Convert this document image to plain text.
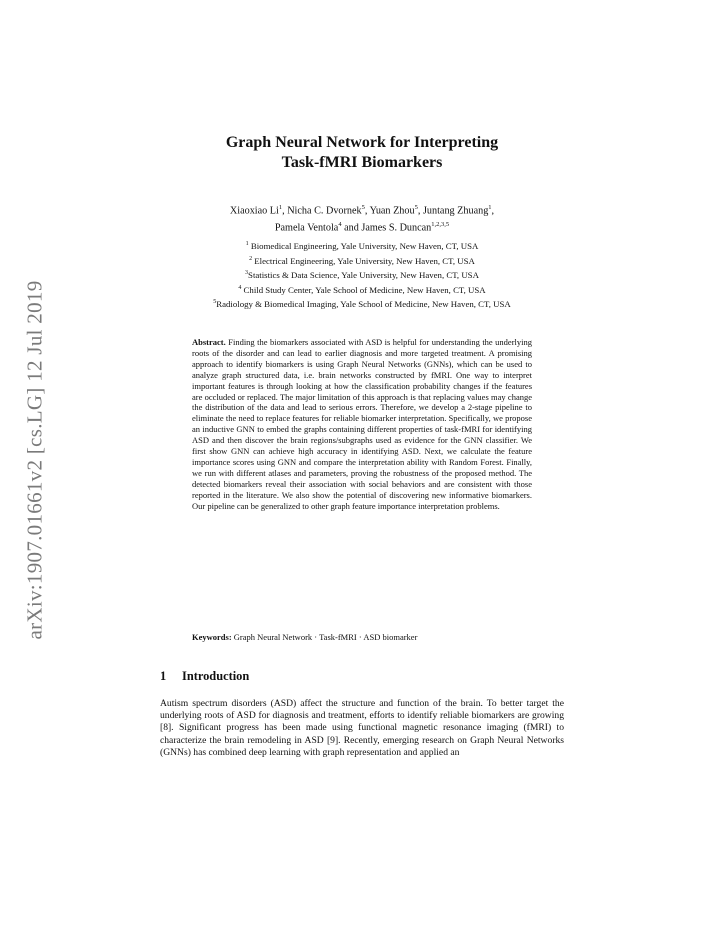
arXiv:1907.01661v2 [cs.LG] 12 Jul 2019
Graph Neural Network for Interpreting
Task-fMRI Biomarkers
Xiaoxiao Li$^1$, Nicha C. Dvornek$^5$, Yuan Zhou$^5$, Juntang Zhuang$^1$,
Pamela Ventola$^4$ and James S. Duncan$^{1,2,3,5}$
$^1$ Biomedical Engineering, Yale University, New Haven, CT, USA
$^2$ Electrical Engineering, Yale University, New Haven, CT, USA
$^3$Statistics & Data Science, Yale University, New Haven, CT, USA
$^4$ Child Study Center, Yale School of Medicine, New Haven, CT, USA
$^5$Radiology & Biomedical Imaging, Yale School of Medicine, New Haven, CT, USA
Abstract. Finding the biomarkers associated with ASD is helpful for understanding the underlying roots of the disorder and can lead to earlier diagnosis and more targeted treatment. A promising approach to identify biomarkers is using Graph Neural Networks (GNNs), which can be used to analyze graph structured data, i.e. brain networks constructed by fMRI. One way to interpret important features is through looking at how the classification probability changes if the features are occluded or replaced. The major limitation of this approach is that replacing values may change the distribution of the data and lead to serious errors. Therefore, we develop a 2-stage pipeline to eliminate the need to replace features for reliable biomarker interpretation. Specifically, we propose an inductive GNN to embed the graphs containing different properties of task-fMRI for identifying ASD and then discover the brain regions/subgraphs used as evidence for the GNN classifier. We first show GNN can achieve high accuracy in identifying ASD. Next, we calculate the feature importance scores using GNN and compare the interpretation ability with Random Forest. Finally, we run with different atlases and parameters, proving the robustness of the proposed method. The detected biomarkers reveal their association with social behaviors and are consistent with those reported in the literature. We also show the potential of discovering new informative biomarkers. Our pipeline can be generalized to other graph feature importance interpretation problems.
Keywords: Graph Neural Network · Task-fMRI · ASD biomarker
1 Introduction
Autism spectrum disorders (ASD) affect the structure and function of the brain. To better target the underlying roots of ASD for diagnosis and treatment, efforts to identify reliable biomarkers are growing [8]. Significant progress has been made using functional magnetic resonance imaging (fMRI) to characterize the brain remodeling in ASD [9]. Recently, emerging research on Graph Neural Networks (GNNs) has combined deep learning with graph representation and applied an
